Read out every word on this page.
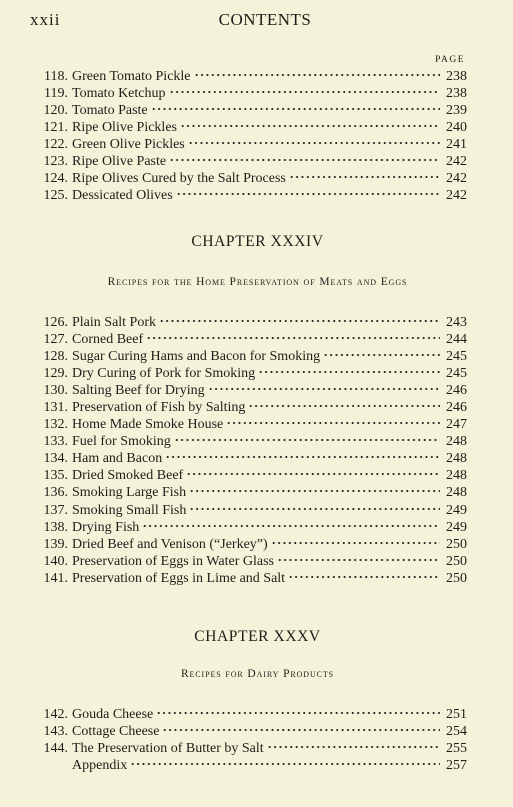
xxii	CONTENTS
PAGE
118. Green Tomato Pickle	238
119. Tomato Ketchup	238
120. Tomato Paste	239
121. Ripe Olive Pickles	240
122. Green Olive Pickles	241
123. Ripe Olive Paste	242
124. Ripe Olives Cured by the Salt Process	242
125. Dessicated Olives	242
CHAPTER XXXIV
Recipes for the Home Preservation of Meats and Eggs
126. Plain Salt Pork	243
127. Corned Beef	244
128. Sugar Curing Hams and Bacon for Smoking	245
129. Dry Curing of Pork for Smoking	245
130. Salting Beef for Drying	246
131. Preservation of Fish by Salting	246
132. Home Made Smoke House	247
133. Fuel for Smoking	248
134. Ham and Bacon	248
135. Dried Smoked Beef	248
136. Smoking Large Fish	248
137. Smoking Small Fish	249
138. Drying Fish	249
139. Dried Beef and Venison (“Jerkey”)	250
140. Preservation of Eggs in Water Glass	250
141. Preservation of Eggs in Lime and Salt	250
CHAPTER XXXV
Recipes for Dairy Products
142. Gouda Cheese	251
143. Cottage Cheese	254
144. The Preservation of Butter by Salt	255
Appendix	257
